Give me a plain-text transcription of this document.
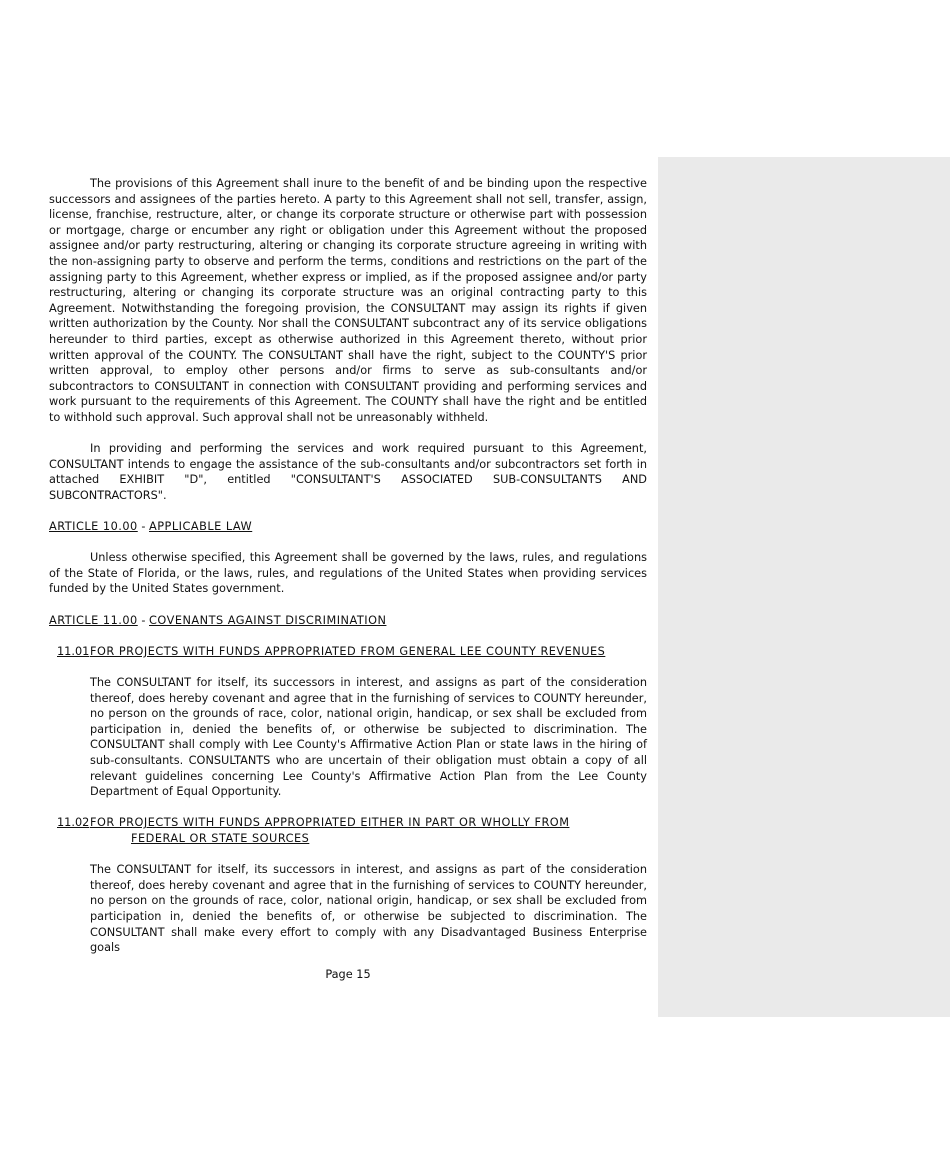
The provisions of this Agreement shall inure to the benefit of and be binding upon the respective successors and assignees of the parties hereto. A party to this Agreement shall not sell, transfer, assign, license, franchise, restructure, alter, or change its corporate structure or otherwise part with possession or mortgage, charge or encumber any right or obligation under this Agreement without the proposed assignee and/or party restructuring, altering or changing its corporate structure agreeing in writing with the non-assigning party to observe and perform the terms, conditions and restrictions on the part of the assigning party to this Agreement, whether express or implied, as if the proposed assignee and/or party restructuring, altering or changing its corporate structure was an original contracting party to this Agreement. Notwithstanding the foregoing provision, the CONSULTANT may assign its rights if given written authorization by the County. Nor shall the CONSULTANT subcontract any of its service obligations hereunder to third parties, except as otherwise authorized in this Agreement thereto, without prior written approval of the COUNTY. The CONSULTANT shall have the right, subject to the COUNTY'S prior written approval, to employ other persons and/or firms to serve as sub-consultants and/or subcontractors to CONSULTANT in connection with CONSULTANT providing and performing services and work pursuant to the requirements of this Agreement. The COUNTY shall have the right and be entitled to withhold such approval. Such approval shall not be unreasonably withheld.

In providing and performing the services and work required pursuant to this Agreement, CONSULTANT intends to engage the assistance of the sub-consultants and/or subcontractors set forth in attached EXHIBIT "D", entitled "CONSULTANT'S ASSOCIATED SUB-CONSULTANTS AND SUBCONTRACTORS".

ARTICLE 10.00 - APPLICABLE LAW

Unless otherwise specified, this Agreement shall be governed by the laws, rules, and regulations of the State of Florida, or the laws, rules, and regulations of the United States when providing services funded by the United States government.

ARTICLE 11.00 - COVENANTS AGAINST DISCRIMINATION

11.01 FOR PROJECTS WITH FUNDS APPROPRIATED FROM GENERAL LEE COUNTY REVENUES

The CONSULTANT for itself, its successors in interest, and assigns as part of the consideration thereof, does hereby covenant and agree that in the furnishing of services to COUNTY hereunder, no person on the grounds of race, color, national origin, handicap, or sex shall be excluded from participation in, denied the benefits of, or otherwise be subjected to discrimination. The CONSULTANT shall comply with Lee County's Affirmative Action Plan or state laws in the hiring of sub-consultants. CONSULTANTS who are uncertain of their obligation must obtain a copy of all relevant guidelines concerning Lee County's Affirmative Action Plan from the Lee County Department of Equal Opportunity.

11.02 FOR PROJECTS WITH FUNDS APPROPRIATED EITHER IN PART OR WHOLLY FROM
FEDERAL OR STATE SOURCES

The CONSULTANT for itself, its successors in interest, and assigns as part of the consideration thereof, does hereby covenant and agree that in the furnishing of services to COUNTY hereunder, no person on the grounds of race, color, national origin, handicap, or sex shall be excluded from participation in, denied the benefits of, or otherwise be subjected to discrimination. The CONSULTANT shall make every effort to comply with any Disadvantaged Business Enterprise goals

Page 15
